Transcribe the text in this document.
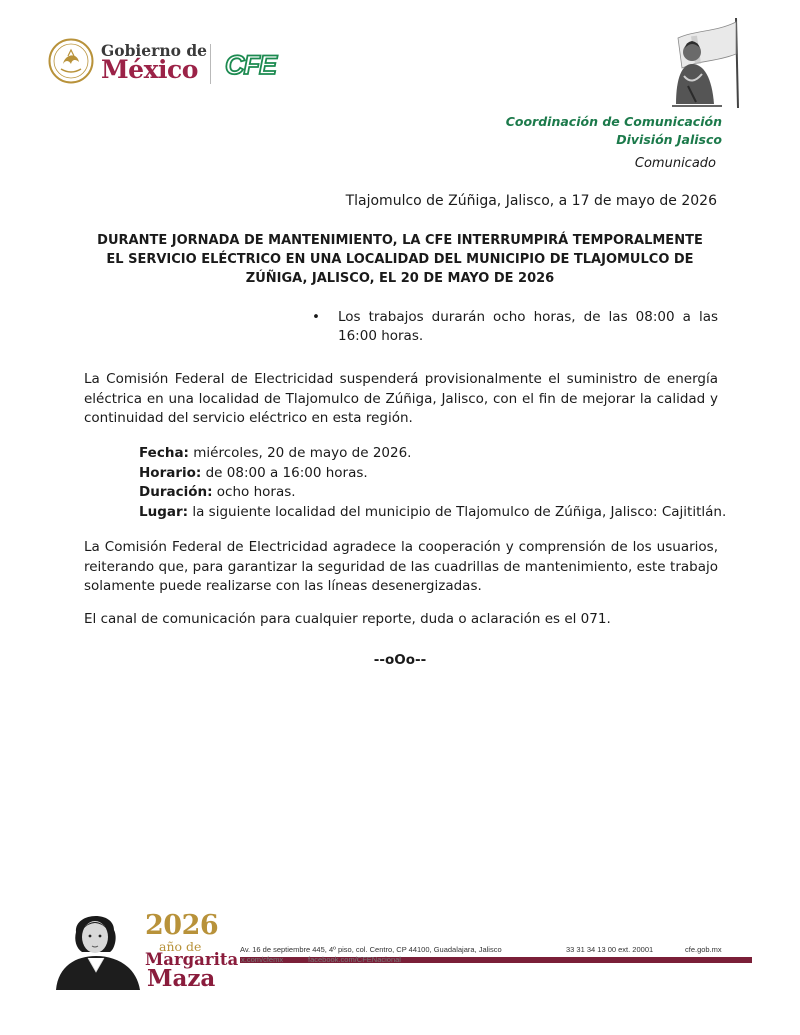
Gobierno de
México CFE
Coordinación de Comunicación
División Jalisco
Comunicado
Tlajomulco de Zúñiga, Jalisco, a 17 de mayo de 2026
DURANTE JORNADA DE MANTENIMIENTO, LA CFE INTERRUMPIRÁ TEMPORALMENTE EL SERVICIO ELÉCTRICO EN UNA LOCALIDAD DEL MUNICIPIO DE TLAJOMULCO DE ZÚÑIGA, JALISCO, EL 20 DE MAYO DE 2026
• Los trabajos durarán ocho horas, de las 08:00 a las 16:00 horas.
La Comisión Federal de Electricidad suspenderá provisionalmente el suministro de energía eléctrica en una localidad de Tlajomulco de Zúñiga, Jalisco, con el fin de mejorar la calidad y continuidad del servicio eléctrico en esta región.
Fecha: miércoles, 20 de mayo de 2026.
Horario: de 08:00 a 16:00 horas.
Duración: ocho horas.
Lugar: la siguiente localidad del municipio de Tlajomulco de Zúñiga, Jalisco: Cajititlán.
La Comisión Federal de Electricidad agradece la cooperación y comprensión de los usuarios, reiterando que, para garantizar la seguridad de las cuadrillas de mantenimiento, este trabajo solamente puede realizarse con las líneas desenergizadas.
El canal de comunicación para cualquier reporte, duda o aclaración es el 071.
--oOo--
2026
año de
Margarita
Maza
Av. 16 de septiembre 445, 4º piso, col. Centro, CP 44100, Guadalajara, Jalisco	33 31 34 13 00 ext. 20001	cfe.gob.mx
x.com/cfemx	facebook.com/CFENacional
